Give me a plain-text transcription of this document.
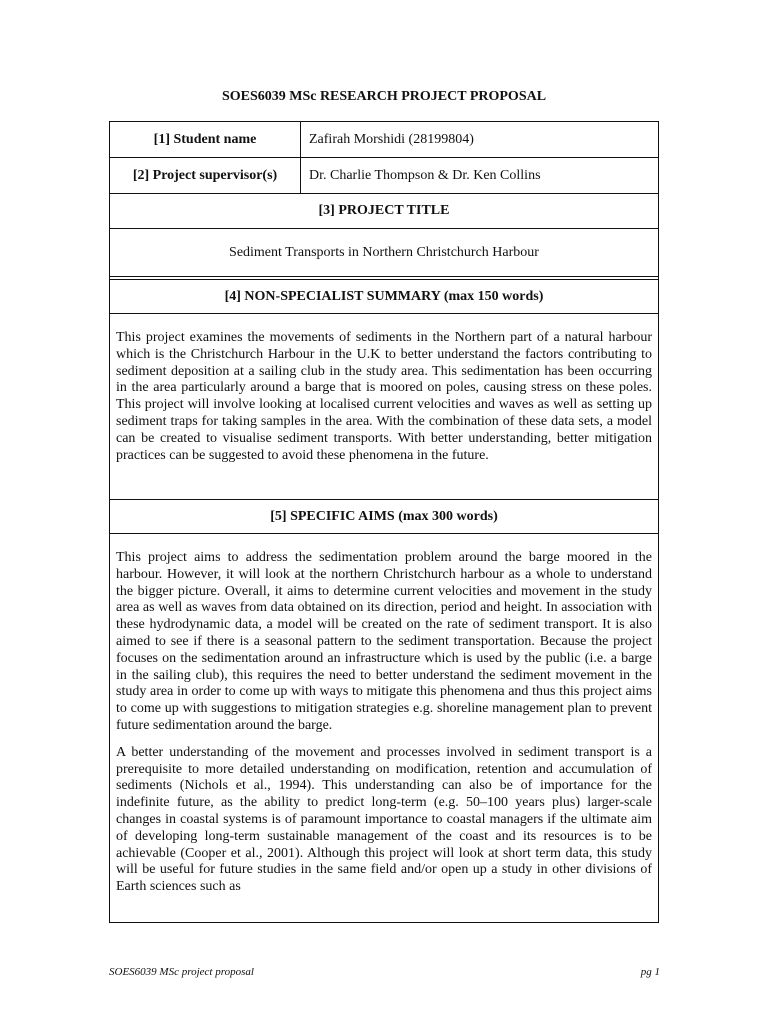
SOES6039 MSc RESEARCH PROJECT PROPOSAL
[1] Student name	Zafirah Morshidi (28199804)
[2] Project supervisor(s)	Dr. Charlie Thompson & Dr. Ken Collins
[3] PROJECT TITLE
Sediment Transports in Northern Christchurch Harbour
[4] NON-SPECIALIST SUMMARY (max 150 words)

This project examines the movements of sediments in the Northern part of a natural harbour which is the Christchurch Harbour in the U.K to better understand the factors contributing to sediment deposition at a sailing club in the study area. This sedimentation has been occurring in the area particularly around a barge that is moored on poles, causing stress on these poles. This project will involve looking at localised current velocities and waves as well as setting up sediment traps for taking samples in the area. With the combination of these data sets, a model can be created to visualise sediment transports. With better understanding, better mitigation practices can be suggested to avoid these phenomena in the future.

[5] SPECIFIC AIMS (max 300 words)

This project aims to address the sedimentation problem around the barge moored in the harbour. However, it will look at the northern Christchurch harbour as a whole to understand the bigger picture. Overall, it aims to determine current velocities and movement in the study area as well as waves from data obtained on its direction, period and height. In association with these hydrodynamic data, a model will be created on the rate of sediment transport. It is also aimed to see if there is a seasonal pattern to the sediment transportation. Because the project focuses on the sedimentation around an infrastructure which is used by the public (i.e. a barge in the sailing club), this requires the need to better understand the sediment movement in the study area in order to come up with ways to mitigate this phenomena and thus this project aims to come up with suggestions to mitigation strategies e.g. shoreline management plan to prevent future sedimentation around the barge.

A better understanding of the movement and processes involved in sediment transport is a prerequisite to more detailed understanding on modification, retention and accumulation of sediments (Nichols et al., 1994). This understanding can also be of importance for the indefinite future, as the ability to predict long-term (e.g. 50–100 years plus) larger-scale changes in coastal systems is of paramount importance to coastal managers if the ultimate aim of developing long-term sustainable management of the coast and its resources is to be achievable (Cooper et al., 2001). Although this project will look at short term data, this study will be useful for future studies in the same field and/or open up a study in other divisions of Earth sciences such as

SOES6039 MSc project proposal	pg 1
